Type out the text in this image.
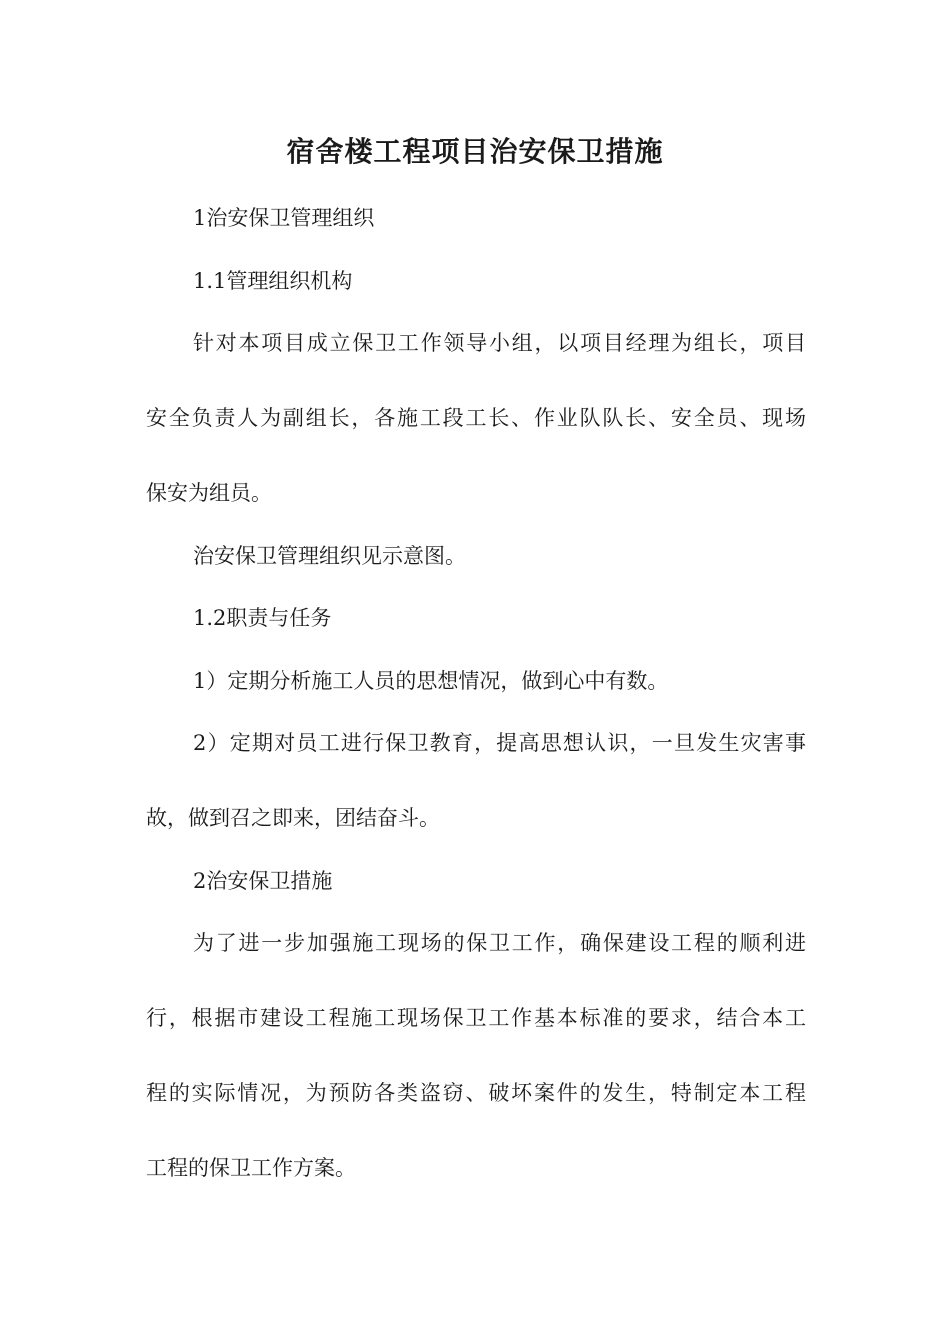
宿舍楼工程项目治安保卫措施
1治安保卫管理组织
1.1管理组织机构
针对本项目成立保卫工作领导小组，以项目经理为组长，项目
安全负责人为副组长，各施工段工长、作业队队长、安全员、现场
保安为组员。
治安保卫管理组织见示意图。
1.2职责与任务
1）定期分析施工人员的思想情况，做到心中有数。
2）定期对员工进行保卫教育，提高思想认识，一旦发生灾害事
故，做到召之即来，团结奋斗。
2治安保卫措施
为了进一步加强施工现场的保卫工作，确保建设工程的顺利进
行，根据市建设工程施工现场保卫工作基本标准的要求，结合本工
程的实际情况，为预防各类盗窃、破坏案件的发生，特制定本工程
工程的保卫工作方案。
